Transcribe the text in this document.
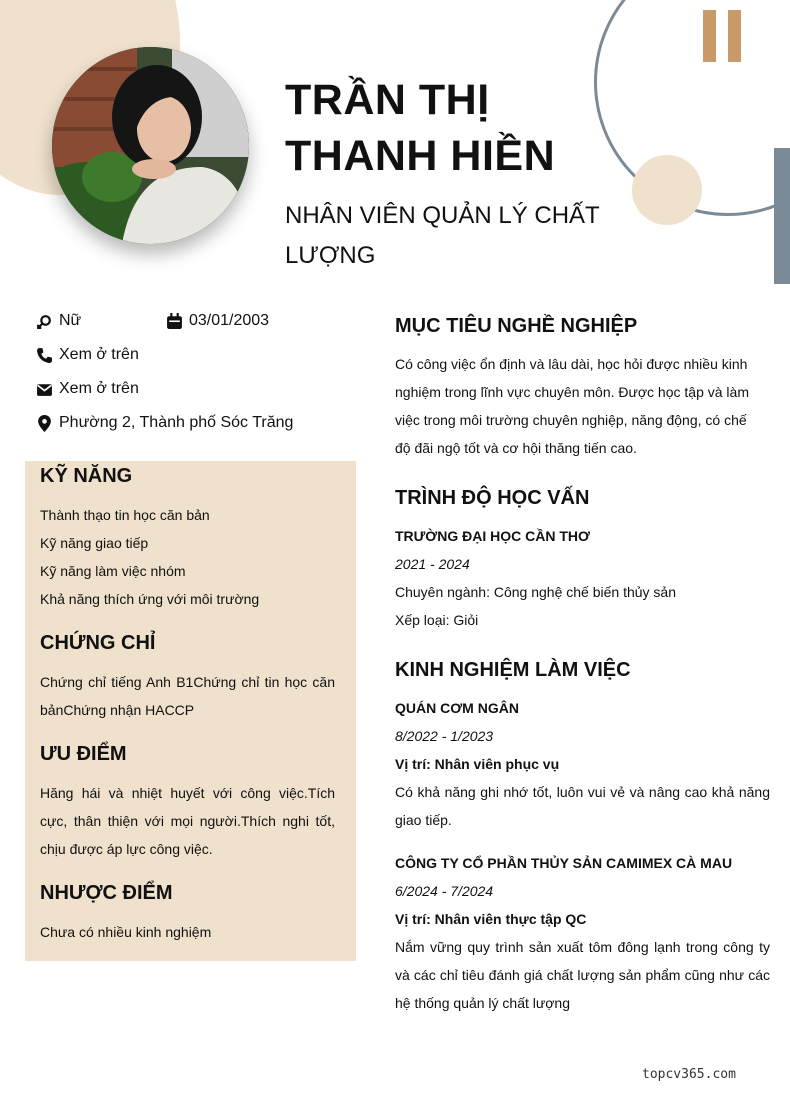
TRẦN THỊ
THANH HIỀN
NHÂN VIÊN QUẢN LÝ CHẤT LƯỢNG
Nữ	03/01/2003
Xem ở trên
Xem ở trên
Phường 2, Thành phố Sóc Trăng
KỸ NĂNG
Thành thạo tin học căn bản
Kỹ năng giao tiếp
Kỹ năng làm việc nhóm
Khả năng thích ứng với môi trường
CHỨNG CHỈ
Chứng chỉ tiếng Anh B1Chứng chỉ tin học căn bảnChứng nhận HACCP
ƯU ĐIỂM
Hăng hái và nhiệt huyết với công việc.Tích cực, thân thiện với mọi người.Thích nghi tốt, chịu được áp lực công việc.
NHƯỢC ĐIỂM
Chưa có nhiều kinh nghiệm
MỤC TIÊU NGHỀ NGHIỆP
Có công việc ổn định và lâu dài, học hỏi được nhiều kinh nghiệm trong lĩnh vực chuyên môn. Được học tập và làm việc trong môi trường chuyên nghiệp, năng động, có chế độ đãi ngộ tốt và cơ hội thăng tiến cao.
TRÌNH ĐỘ HỌC VẤN
TRƯỜNG ĐẠI HỌC CẦN THƠ
2021 - 2024
Chuyên ngành: Công nghệ chế biến thủy sản
Xếp loại: Giỏi
KINH NGHIỆM LÀM VIỆC
QUÁN CƠM NGÂN
8/2022 - 1/2023
Vị trí: Nhân viên phục vụ
Có khả năng ghi nhớ tốt, luôn vui vẻ và nâng cao khả năng giao tiếp.
CÔNG TY CỔ PHẦN THỦY SẢN CAMIMEX CÀ MAU
6/2024 - 7/2024
Vị trí: Nhân viên thực tập QC
Nắm vững quy trình sản xuất tôm đông lạnh trong công ty và các chỉ tiêu đánh giá chất lượng sản phẩm cũng như các hệ thống quản lý chất lượng
topcv365.com
